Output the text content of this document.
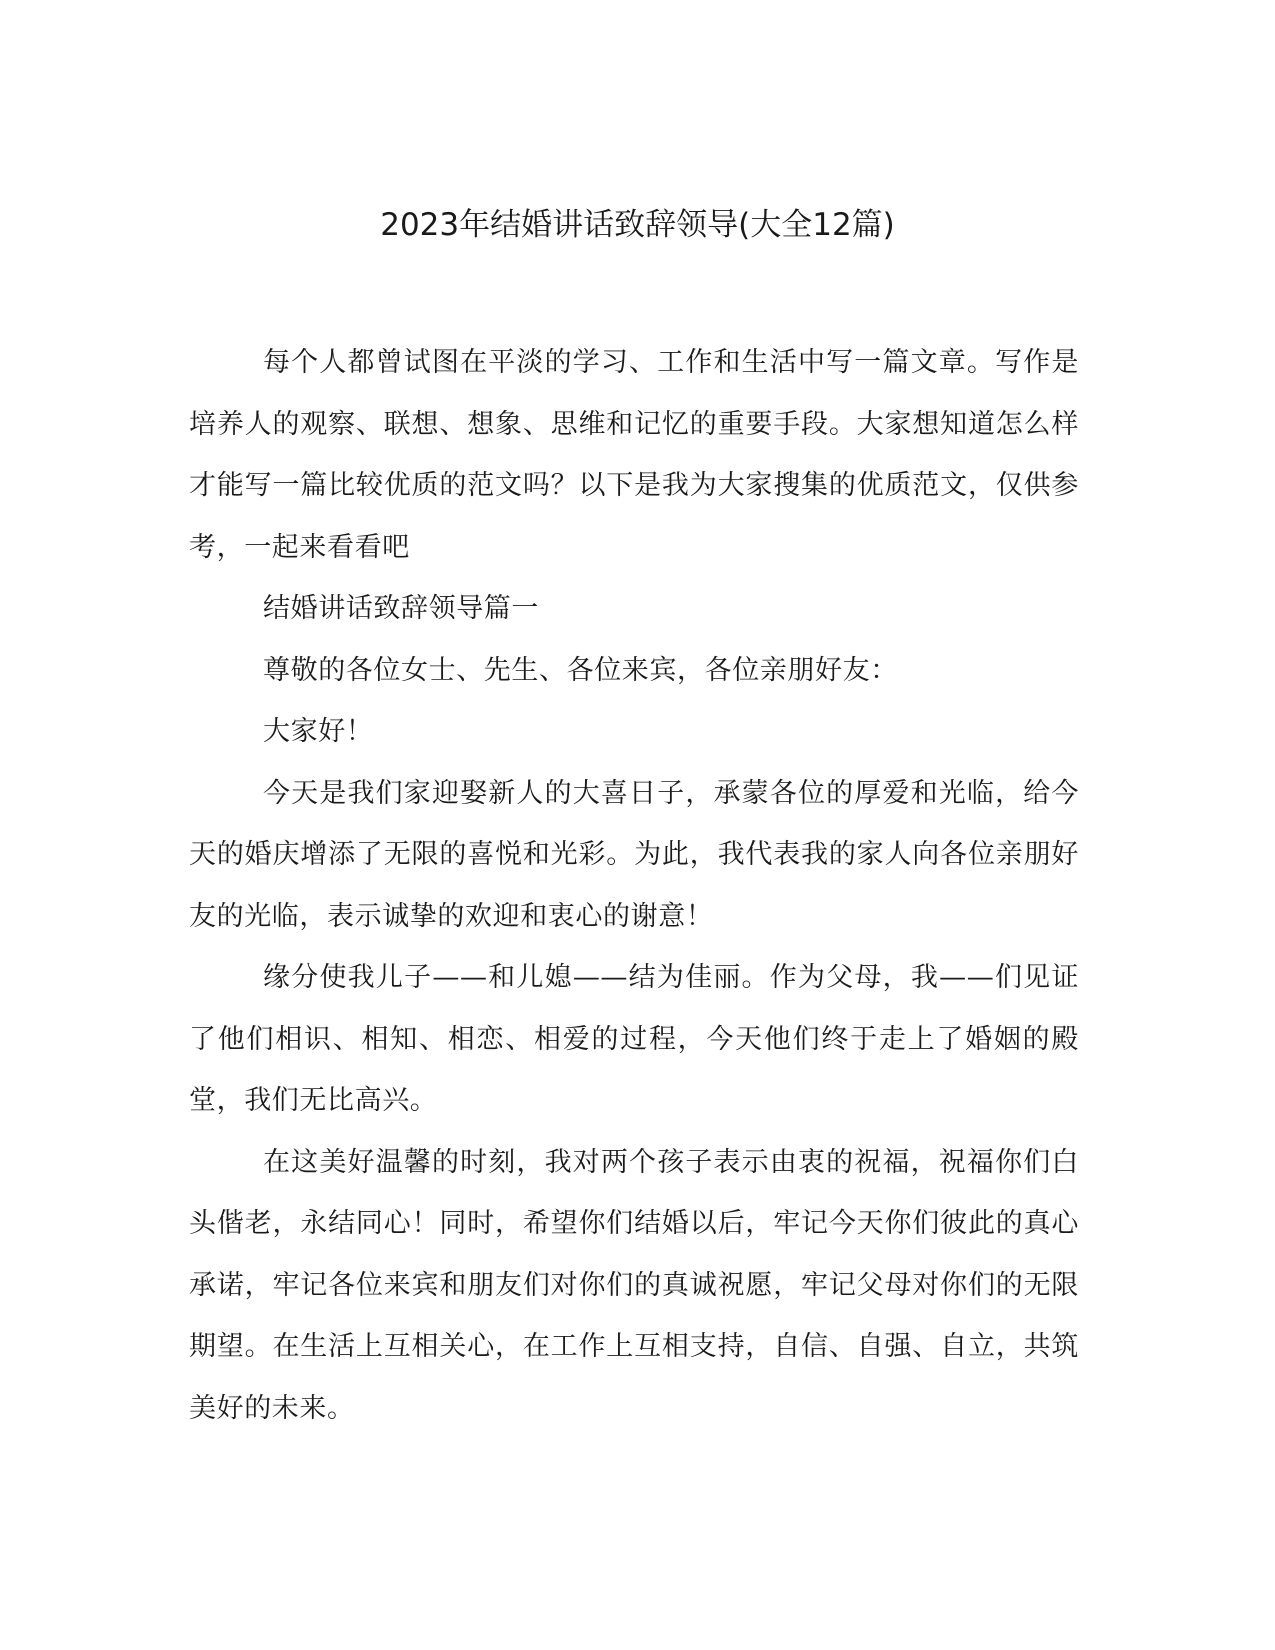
2023年结婚讲话致辞领导(大全12篇)

每个人都曾试图在平淡的学习、工作和生活中写一篇文章。写作是培养人的观察、联想、想象、思维和记忆的重要手段。大家想知道怎么样才能写一篇比较优质的范文吗？以下是我为大家搜集的优质范文，仅供参考，一起来看看吧

结婚讲话致辞领导篇一

尊敬的各位女士、先生、各位来宾，各位亲朋好友：

大家好！

今天是我们家迎娶新人的大喜日子，承蒙各位的厚爱和光临，给今天的婚庆增添了无限的喜悦和光彩。为此，我代表我的家人向各位亲朋好友的光临，表示诚挚的欢迎和衷心的谢意！

缘分使我儿子——和儿媳——结为佳丽。作为父母，我——们见证了他们相识、相知、相恋、相爱的过程，今天他们终于走上了婚姻的殿堂，我们无比高兴。

在这美好温馨的时刻，我对两个孩子表示由衷的祝福，祝福你们白头偕老，永结同心！同时，希望你们结婚以后，牢记今天你们彼此的真心承诺，牢记各位来宾和朋友们对你们的真诚祝愿，牢记父母对你们的无限期望。在生活上互相关心，在工作上互相支持，自信、自强、自立，共筑美好的未来。
